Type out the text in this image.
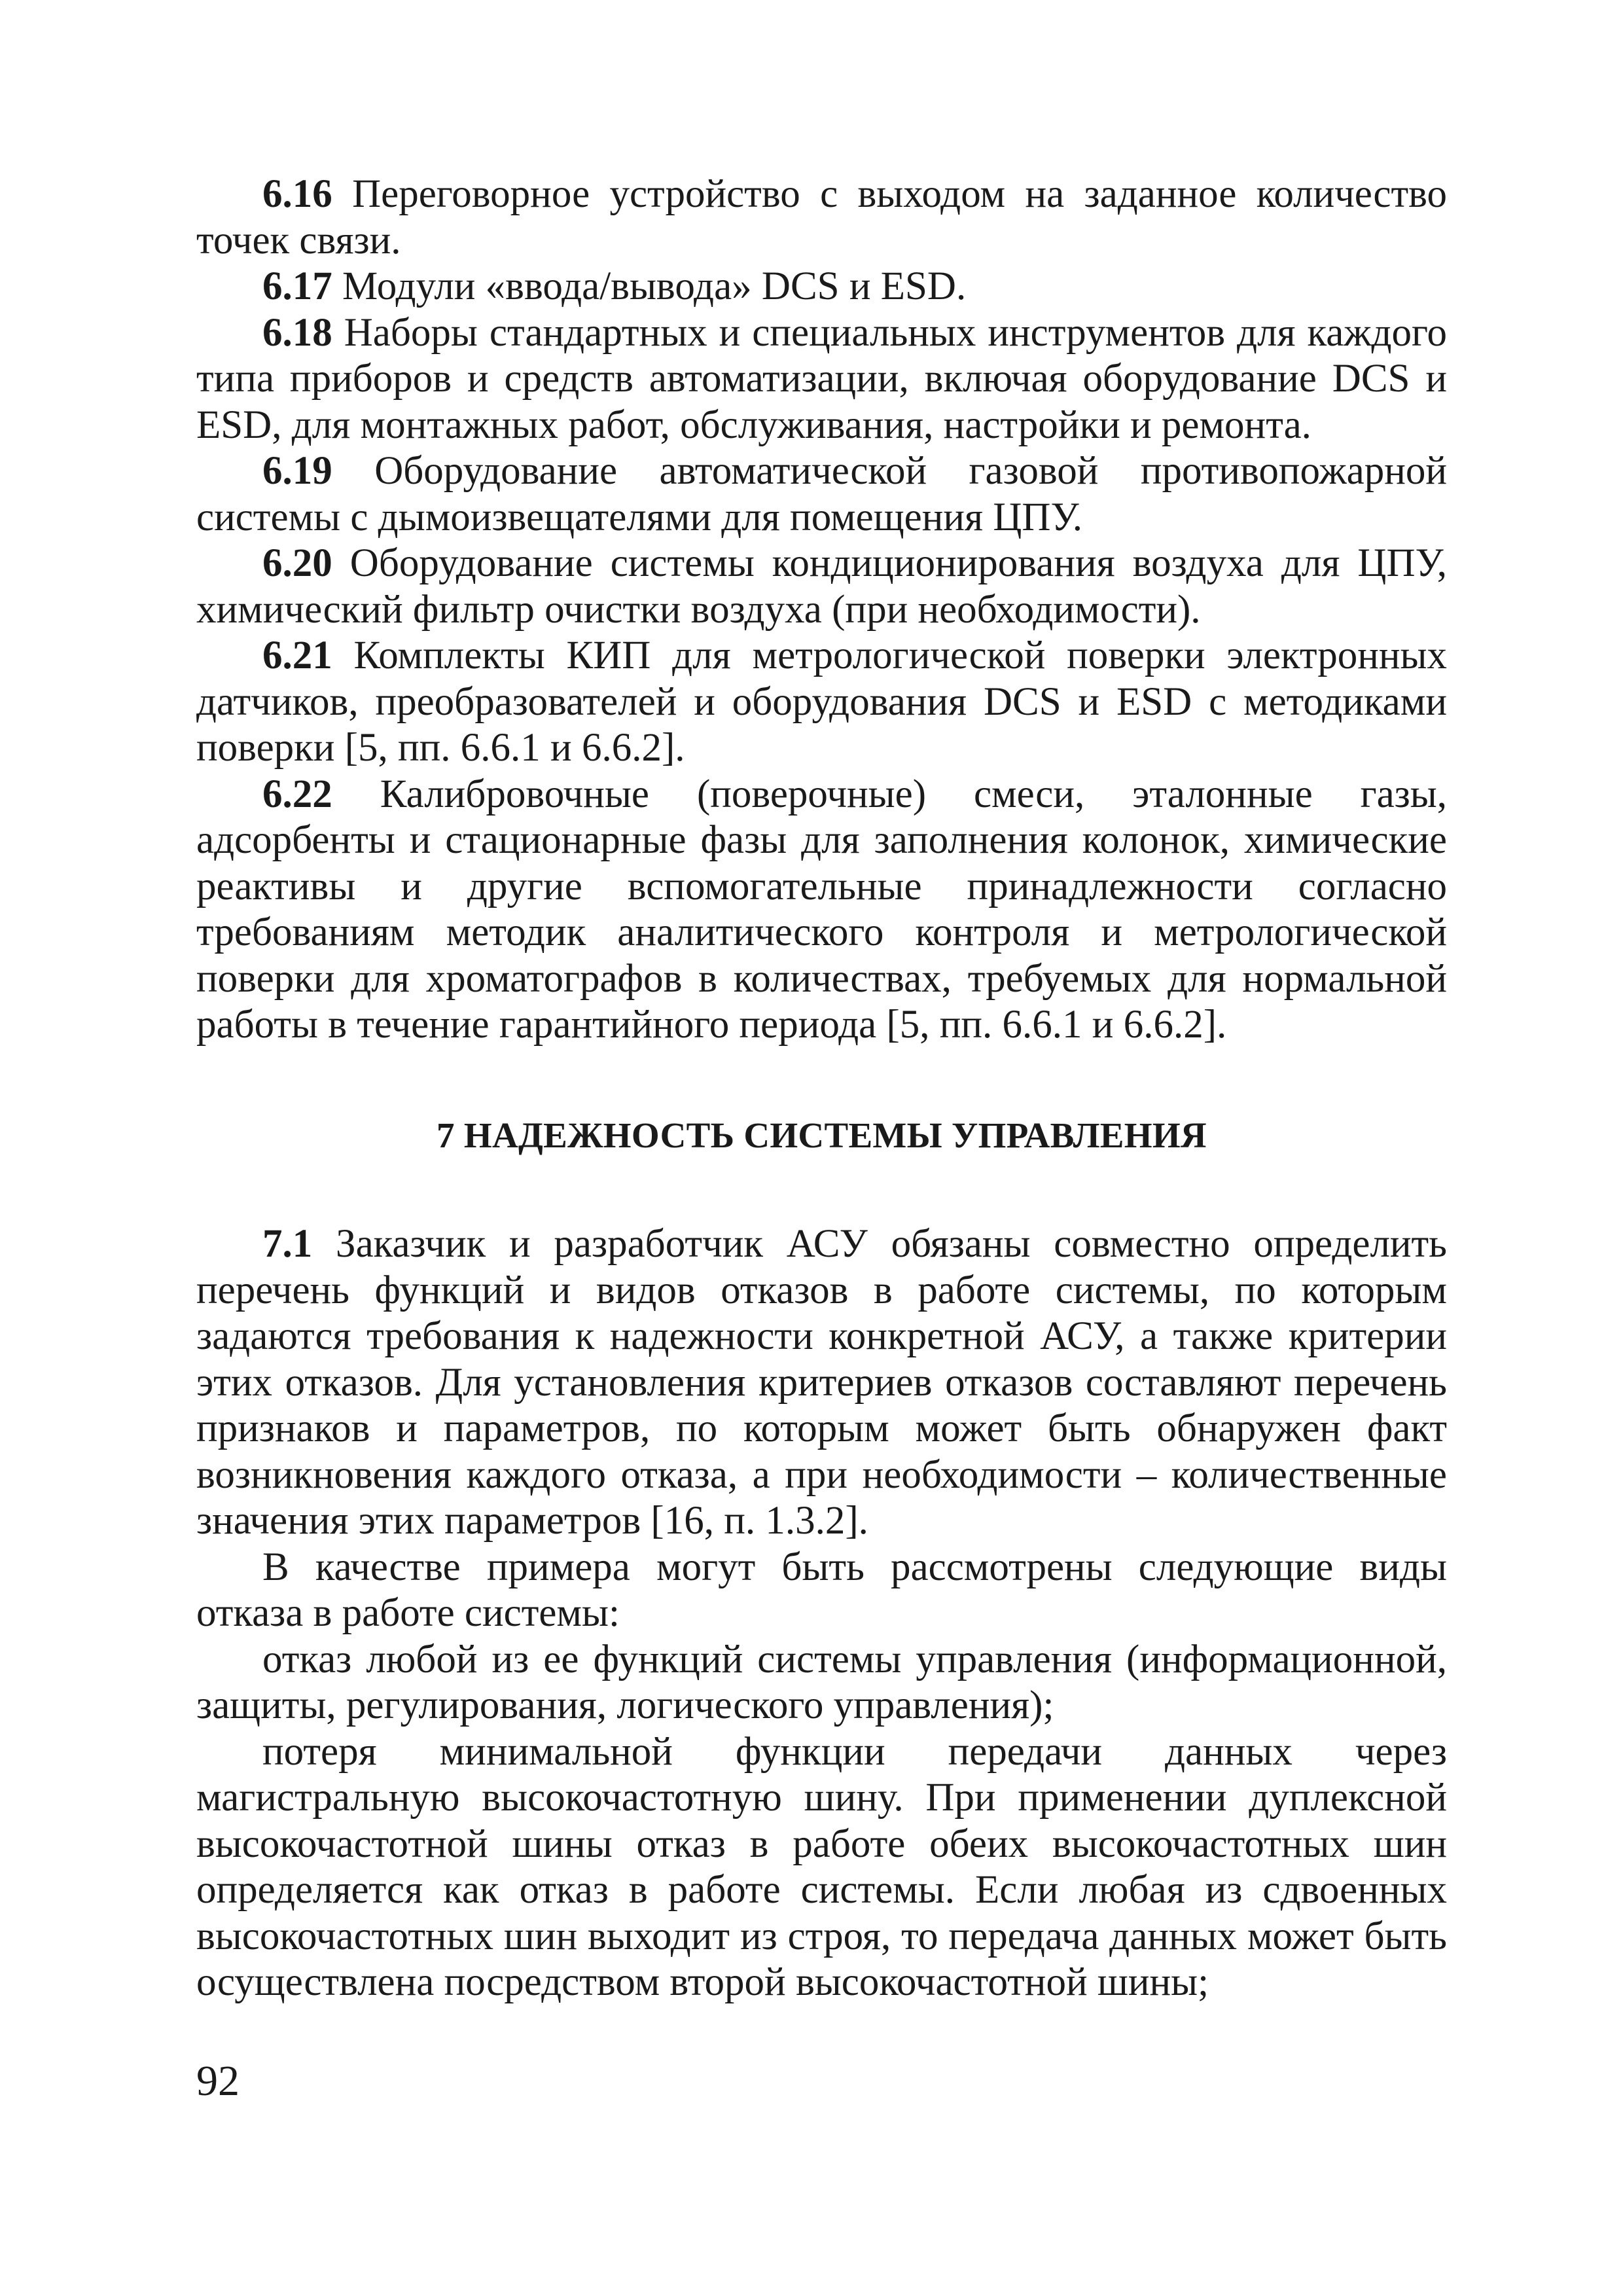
6.16 Переговорное устройство с выходом на заданное количество точек связи.

6.17 Модули «ввода/вывода» DCS и ESD.

6.18 Наборы стандартных и специальных инструментов для каждого типа приборов и средств автоматизации, включая оборудование DCS и ESD, для монтажных работ, обслуживания, настройки и ремонта.

6.19 Оборудование автоматической газовой противопожарной системы с дымоизвещателями для помещения ЦПУ.

6.20 Оборудование системы кондиционирования воздуха для ЦПУ, химический фильтр очистки воздуха (при необходимости).

6.21 Комплекты КИП для метрологической поверки электронных датчиков, преобразователей и оборудования DCS и ESD с методиками поверки [5, пп. 6.6.1 и 6.6.2].

6.22 Калибровочные (поверочные) смеси, эталонные газы, адсорбенты и стационарные фазы для заполнения колонок, химические реактивы и другие вспомогательные принадлежности согласно требованиям методик аналитического контроля и метрологической поверки для хроматографов в количествах, требуемых для нормальной работы в течение гарантийного периода [5, пп. 6.6.1 и 6.6.2].

7 НАДЕЖНОСТЬ СИСТЕМЫ УПРАВЛЕНИЯ

7.1 Заказчик и разработчик АСУ обязаны совместно определить перечень функций и видов отказов в работе системы, по которым задаются требования к надежности конкретной АСУ, а также критерии этих отказов. Для установления критериев отказов составляют перечень признаков и параметров, по которым может быть обнаружен факт возникновения каждого отказа, а при необходимости – количественные значения этих параметров [16, п. 1.3.2].

В качестве примера могут быть рассмотрены следующие виды отказа в работе системы:

отказ любой из ее функций системы управления (информационной, защиты, регулирования, логического управления);

потеря минимальной функции передачи данных через магистральную высокочастотную шину. При применении дуплексной высокочастотной шины отказ в работе обеих высокочастотных шин определяется как отказ в работе системы. Если любая из сдвоенных высокочастотных шин выходит из строя, то передача данных может быть осуществлена посредством второй высокочастотной шины;

92
